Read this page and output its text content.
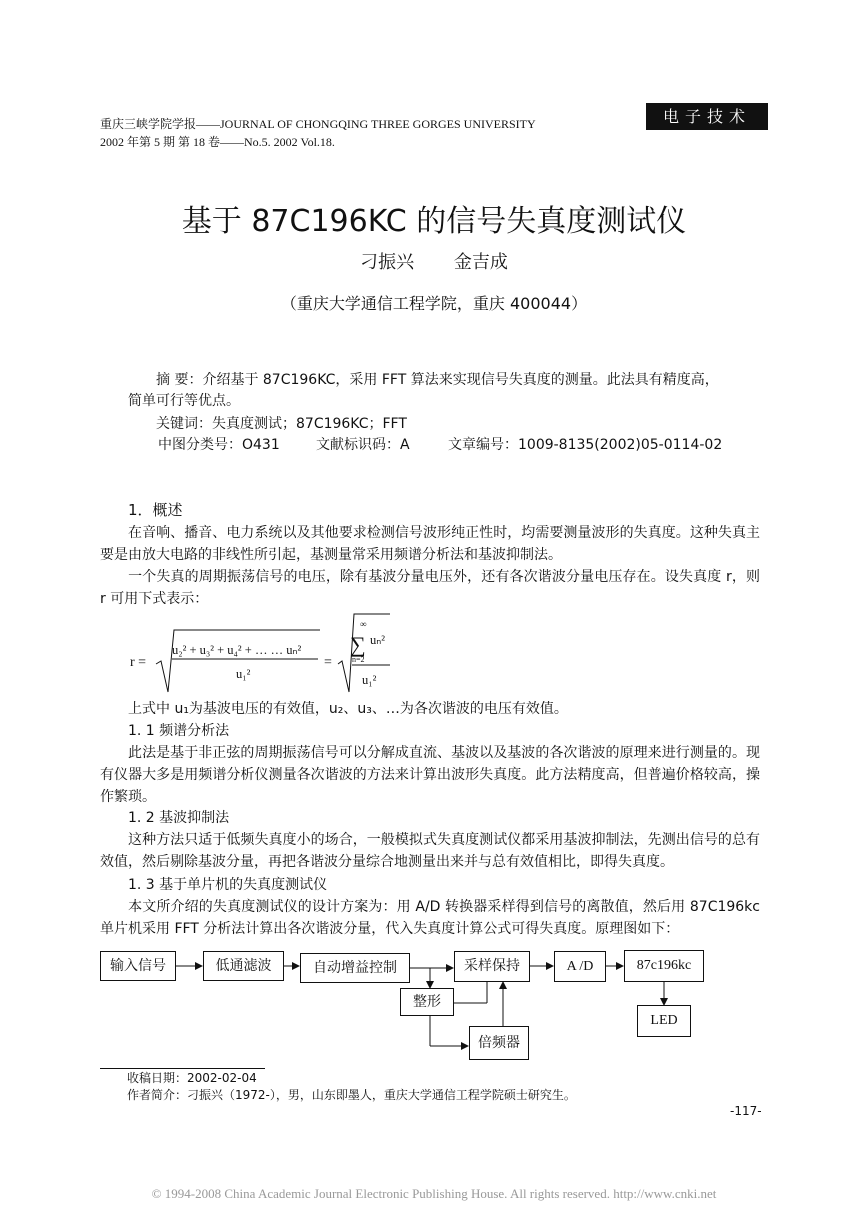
重庆三峡学院学报——JOURNAL OF CHONGQING THREE GORGES UNIVERSITY
2002 年第 5 期 第 18 卷——No.5. 2002 Vol.18.
电子技术
基于 87C196KC 的信号失真度测试仪
刁振兴 金吉成
（重庆大学通信工程学院，重庆 400044）
摘 要：介绍基于 87C196KC，采用 FFT 算法来实现信号失真度的测量。此法具有精度高，
简单可行等优点。
关键词：失真度测试；87C196KC；FFT
中图分类号：O431	文献标识码：A	文章编号：1009-8135(2002)05-0114-02
1．概述
在音响、播音、电力系统以及其他要求检测信号波形纯正性时，均需要测量波形的失真度。这种失真主要是由放大电路的非线性所引起，基测量常采用频谱分析法和基波抑制法。
一个失真的周期振荡信号的电压，除有基波分量电压外，还有各次谐波分量电压存在。设失真度 r，则 r 可用下式表示：
r =
u₂² + u₃² + u₄² + … … uₙ²
u₁²
=
∞
∑ uₙ²
n=2
u₁²
上式中 u₁为基波电压的有效值，u₂、u₃、…为各次谐波的电压有效值。
1. 1 频谱分析法
此法是基于非正弦的周期振荡信号可以分解成直流、基波以及基波的各次谐波的原理来进行测量的。现有仪器大多是用频谱分析仪测量各次谐波的方法来计算出波形失真度。此方法精度高，但普遍价格较高，操作繁琐。
1. 2 基波抑制法
这种方法只适于低频失真度小的场合，一般模拟式失真度测试仪都采用基波抑制法，先测出信号的总有效值，然后剔除基波分量，再把各谐波分量综合地测量出来并与总有效值相比，即得失真度。
1. 3 基于单片机的失真度测试仪
本文所介绍的失真度测试仪的设计方案为：用 A/D 转换器采样得到信号的离散值，然后用 87C196kc 单片机采用 FFT 分析法计算出各次谐波分量，代入失真度计算公式可得失真度。原理图如下：
输入信号	低通滤波	自动增益控制	采样保持	A /D	87c196kc
整形
倍频器
LED
收稿日期：2002-02-04
作者简介：刁振兴（1972-），男，山东即墨人，重庆大学通信工程学院硕士研究生。
-117-
© 1994-2008 China Academic Journal Electronic Publishing House. All rights reserved. http://www.cnki.net
